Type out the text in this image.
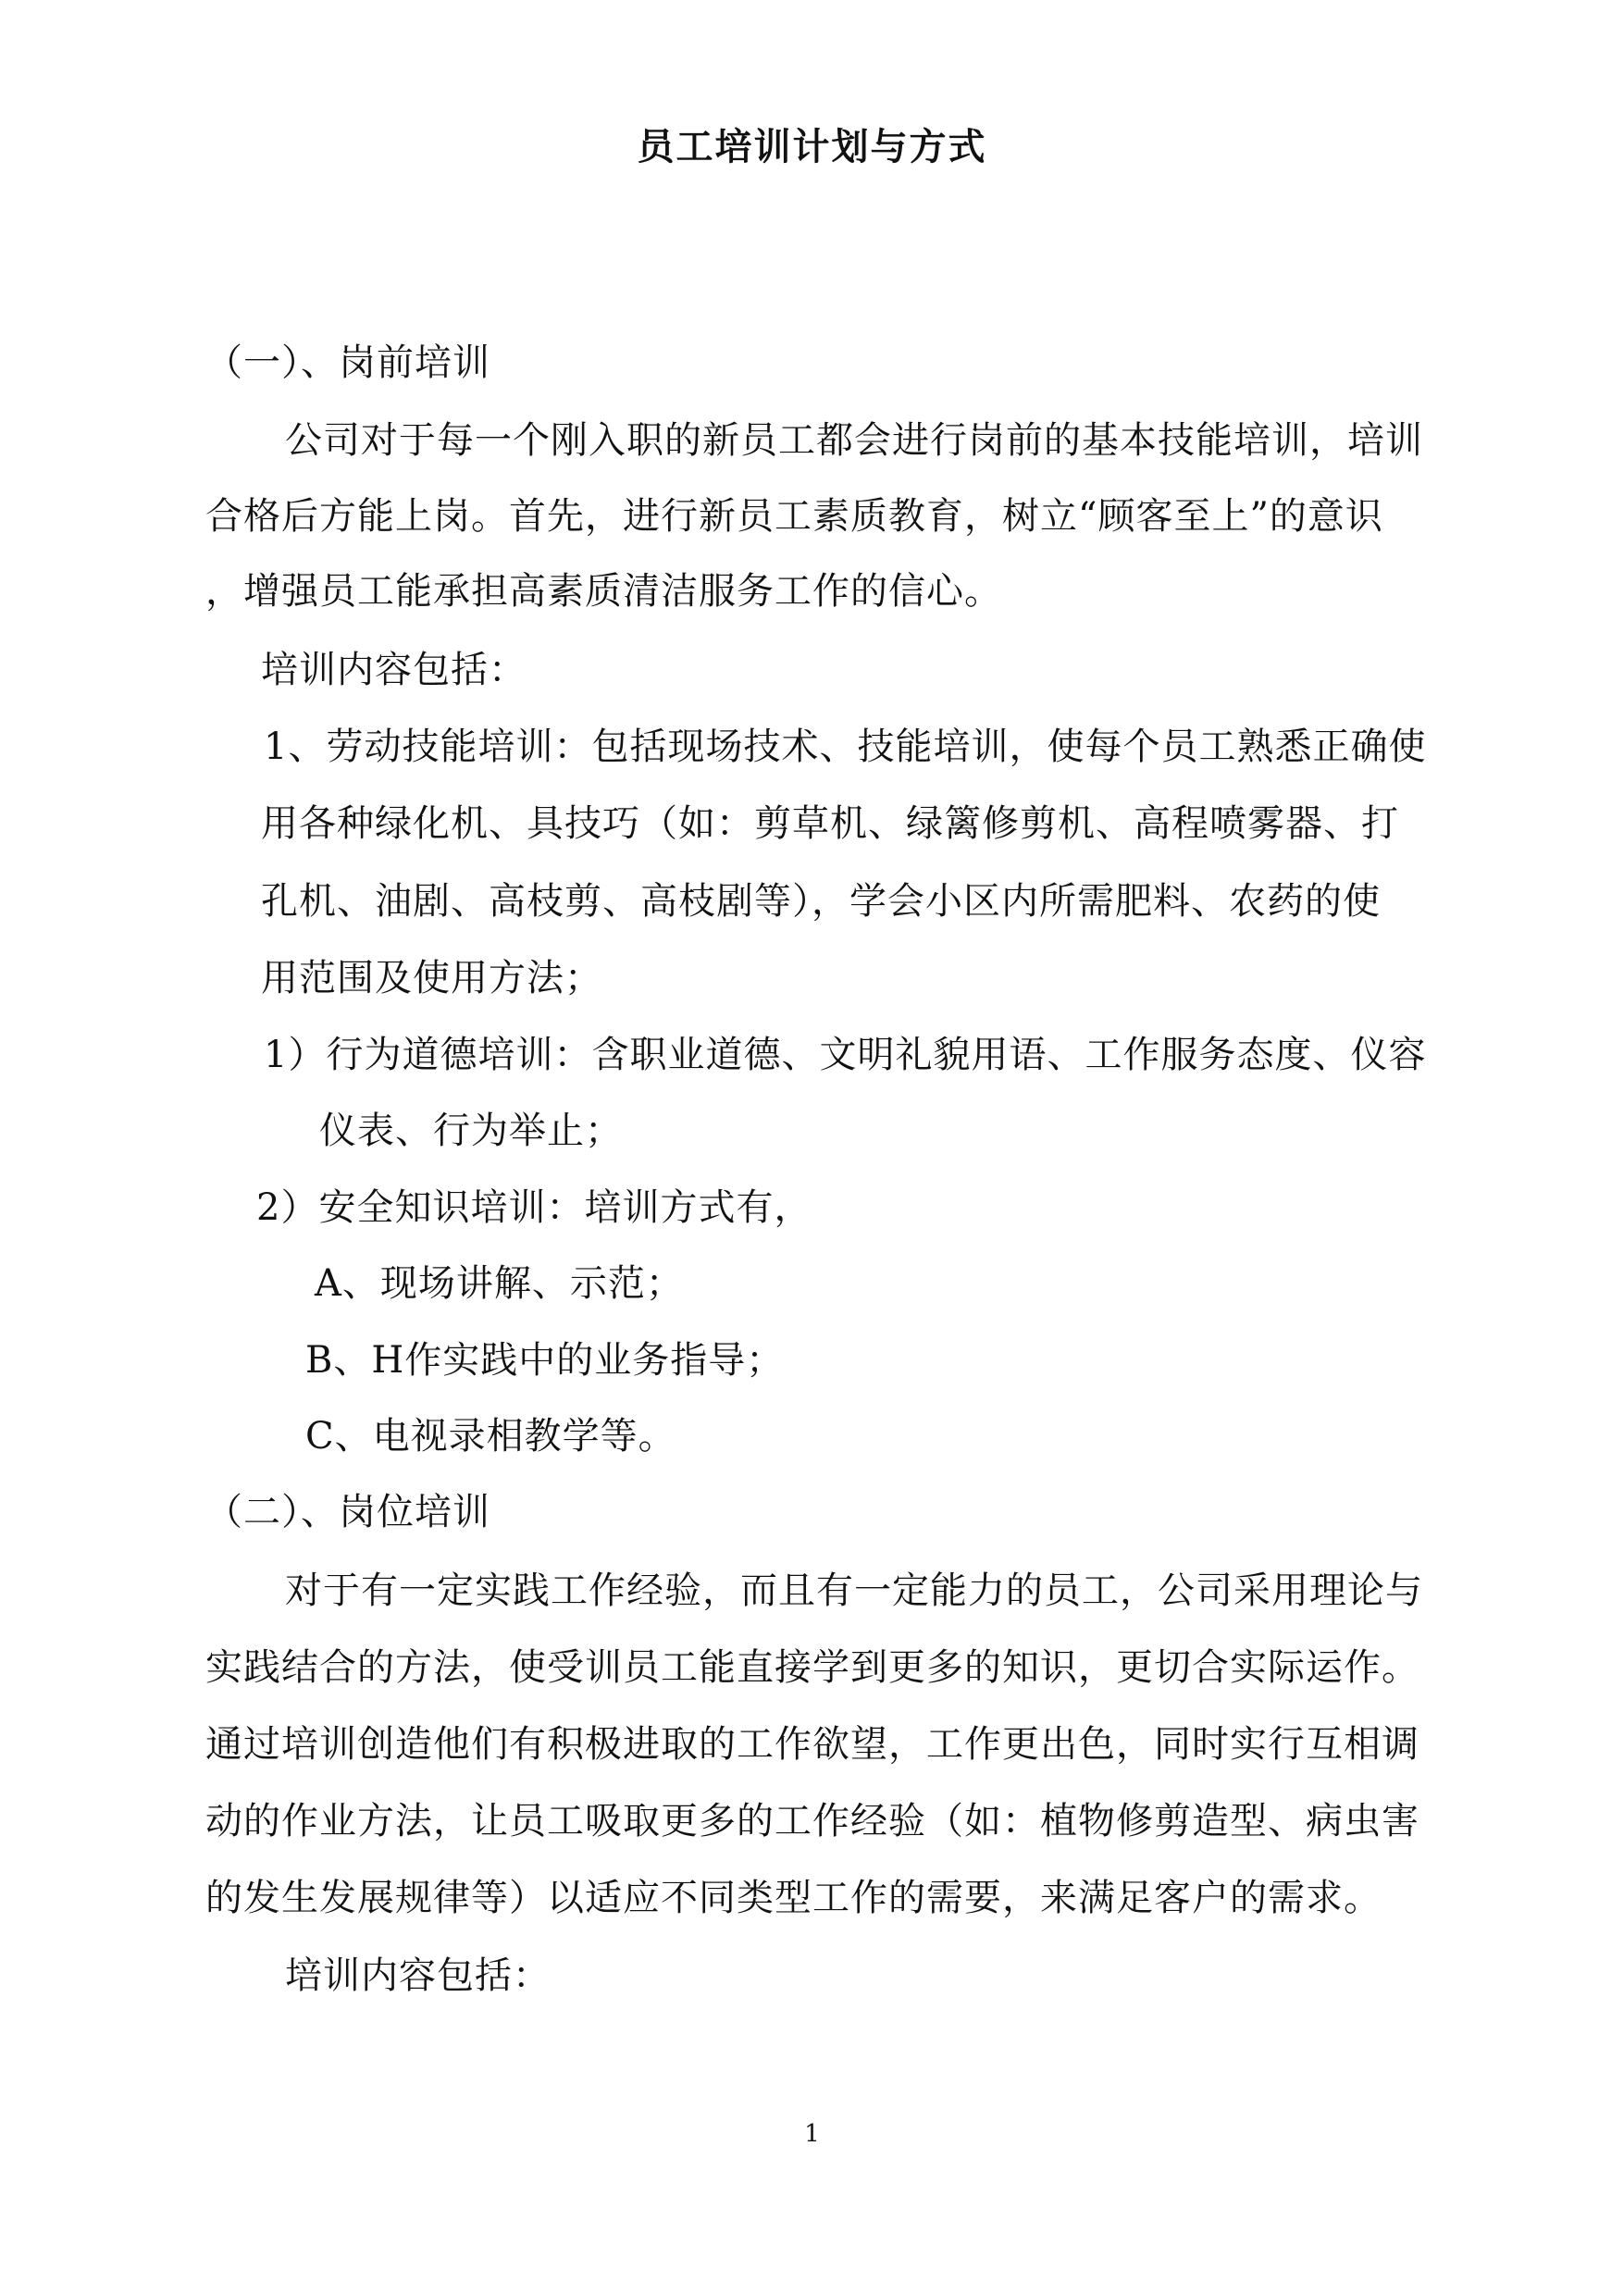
员工培训计划与方式

（一）、岗前培训

公司对于每一个刚入职的新员工都会进行岗前的基本技能培训，培训

合格后方能上岗。首先，进行新员工素质教育，树立“顾客至上”的意识

，增强员工能承担高素质清洁服务工作的信心。

培训内容包括：

1、劳动技能培训：包括现场技术、技能培训，使每个员工熟悉正确使

用各种绿化机、具技巧（如：剪草机、绿篱修剪机、高程喷雾器、打

孔机、油剧、高枝剪、高枝剧等），学会小区内所需肥料、农药的使

用范围及使用方法；

1）行为道德培训：含职业道德、文明礼貌用语、工作服务态度、仪容

仪表、行为举止；

2）安全知识培训：培训方式有，

A、现场讲解、示范；

B、H作实践中的业务指导；

C、电视录相教学等。

（二）、岗位培训

对于有一定实践工作经验，而且有一定能力的员工，公司采用理论与

实践结合的方法，使受训员工能直接学到更多的知识，更切合实际运作。

通过培训创造他们有积极进取的工作欲望，工作更出色，同时实行互相调

动的作业方法，让员工吸取更多的工作经验（如：植物修剪造型、病虫害

的发生发展规律等）以适应不同类型工作的需要，来满足客户的需求。

培训内容包括：

1
